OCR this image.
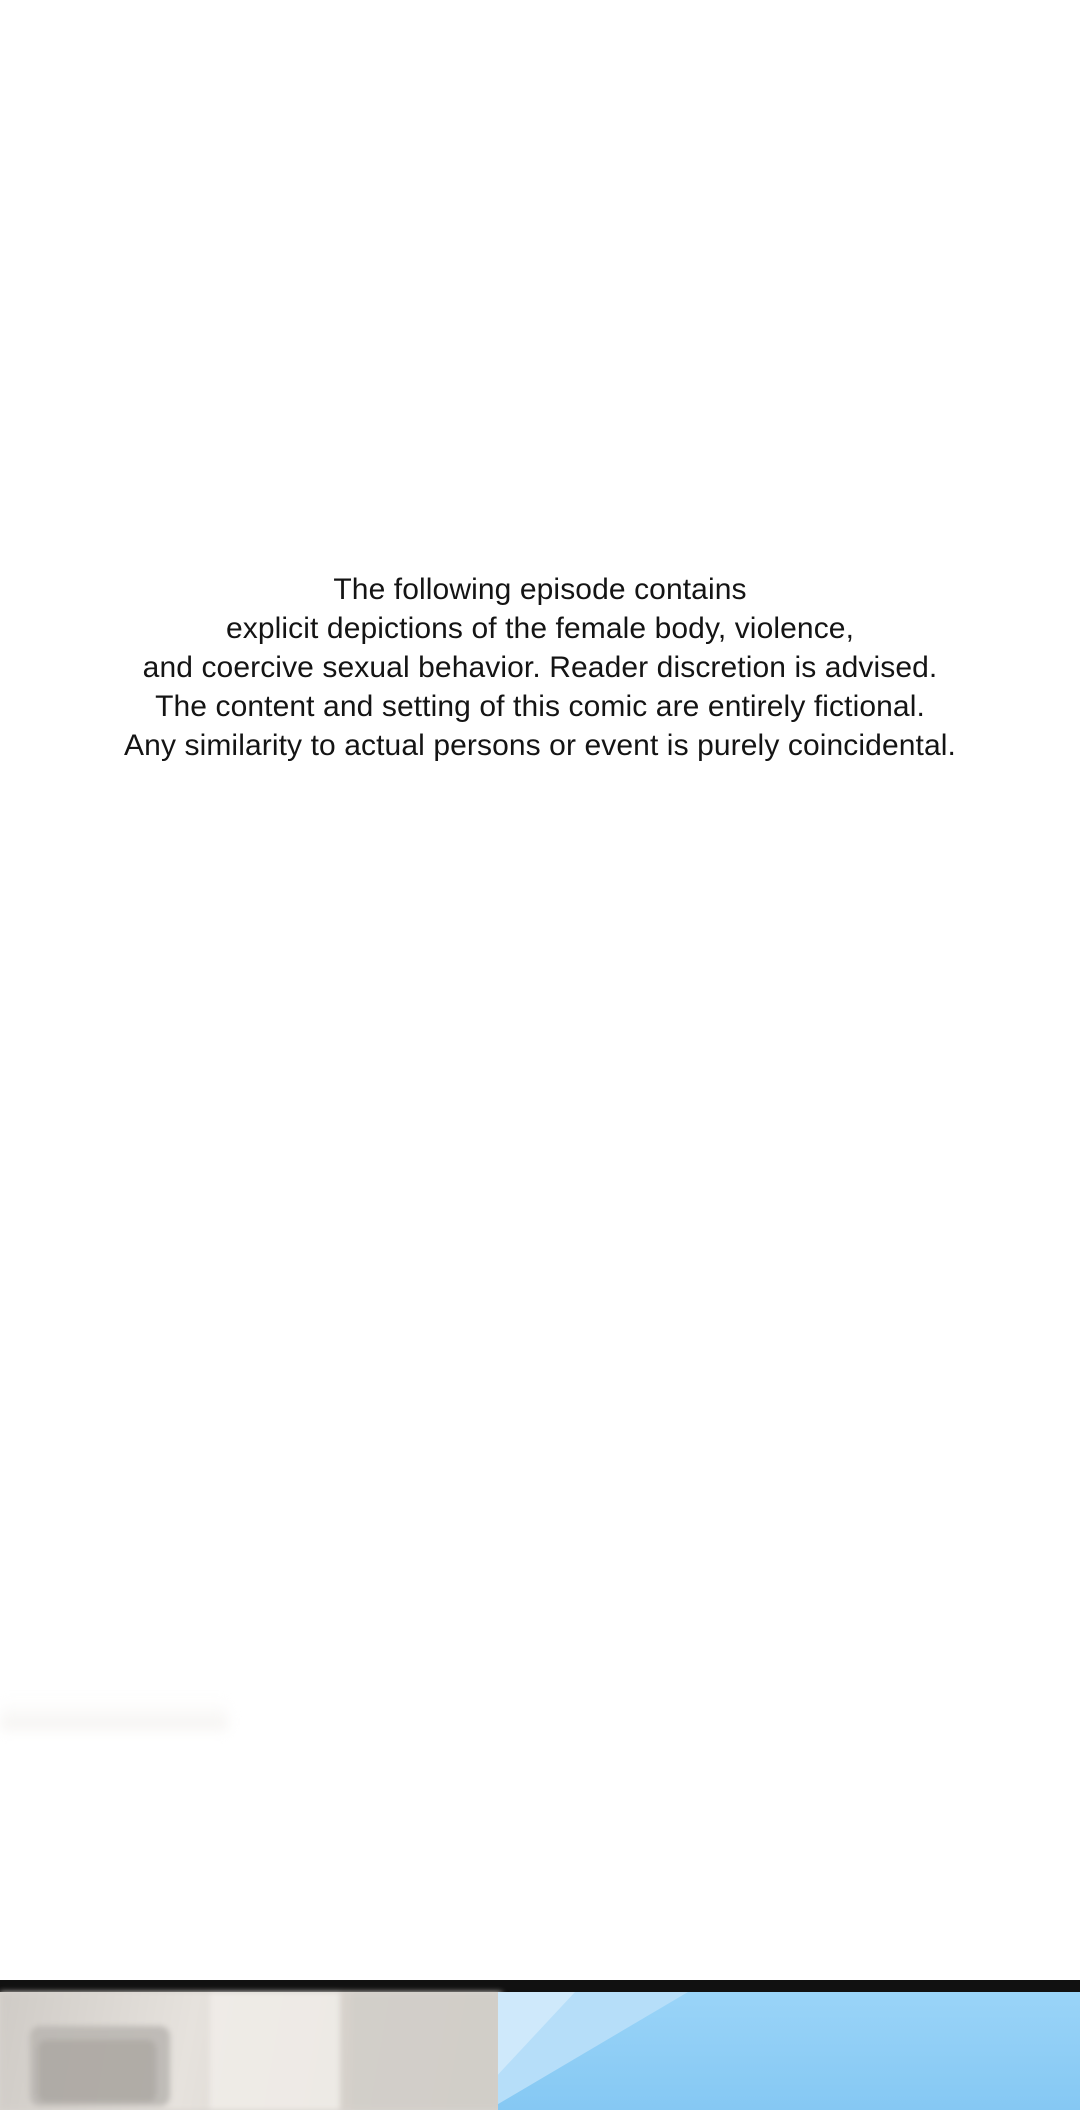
The following episode contains
explicit depictions of the female body, violence,
and coercive sexual behavior. Reader discretion is advised.
The content and setting of this comic are entirely fictional.
Any similarity to actual persons or event is purely coincidental.
